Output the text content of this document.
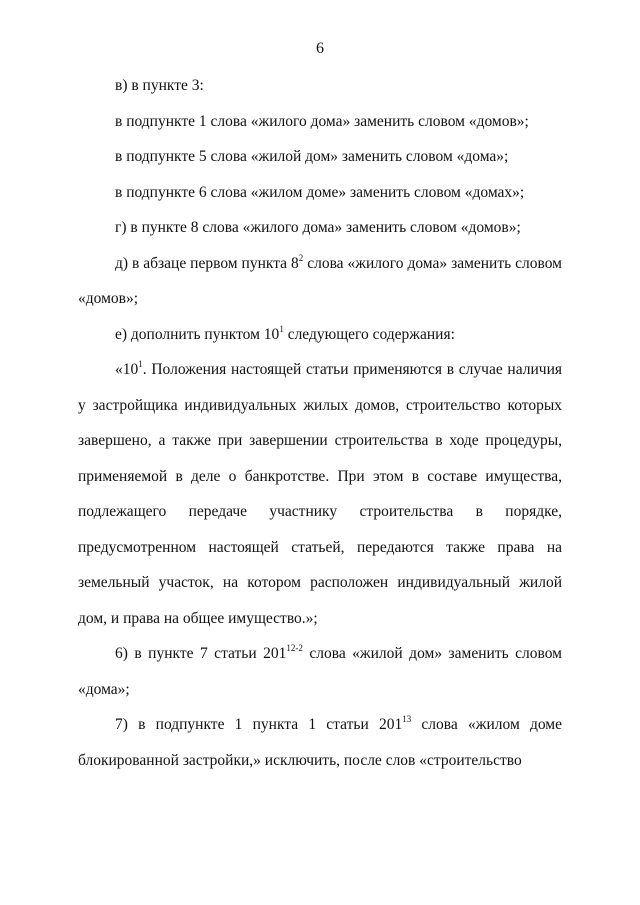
6

в) в пункте 3:

в подпункте 1 слова «жилого дома» заменить словом «домов»;

в подпункте 5 слова «жилой дом» заменить словом «дома»;

в подпункте 6 слова «жилом доме» заменить словом «домах»;

г) в пункте 8 слова «жилого дома» заменить словом «домов»;

д) в абзаце первом пункта $8^2$ слова «жилого дома» заменить словом «домов»;

е) дополнить пунктом $10^1$ следующего содержания:

«$10^1$. Положения настоящей статьи применяются в случае наличия у застройщика индивидуальных жилых домов, строительство которых завершено, а также при завершении строительства в ходе процедуры, применяемой в деле о банкротстве. При этом в составе имущества, подлежащего передаче участнику строительства в порядке, предусмотренном настоящей статьей, передаются также права на земельный участок, на котором расположен индивидуальный жилой дом, и права на общее имущество.»;

6) в пункте 7 статьи 201$^{12-2}$ слова «жилой дом» заменить словом «дома»;

7) в подпункте 1 пункта 1 статьи $201^{13}$ слова «жилом доме блокированной застройки,» исключить, после слов «строительство
